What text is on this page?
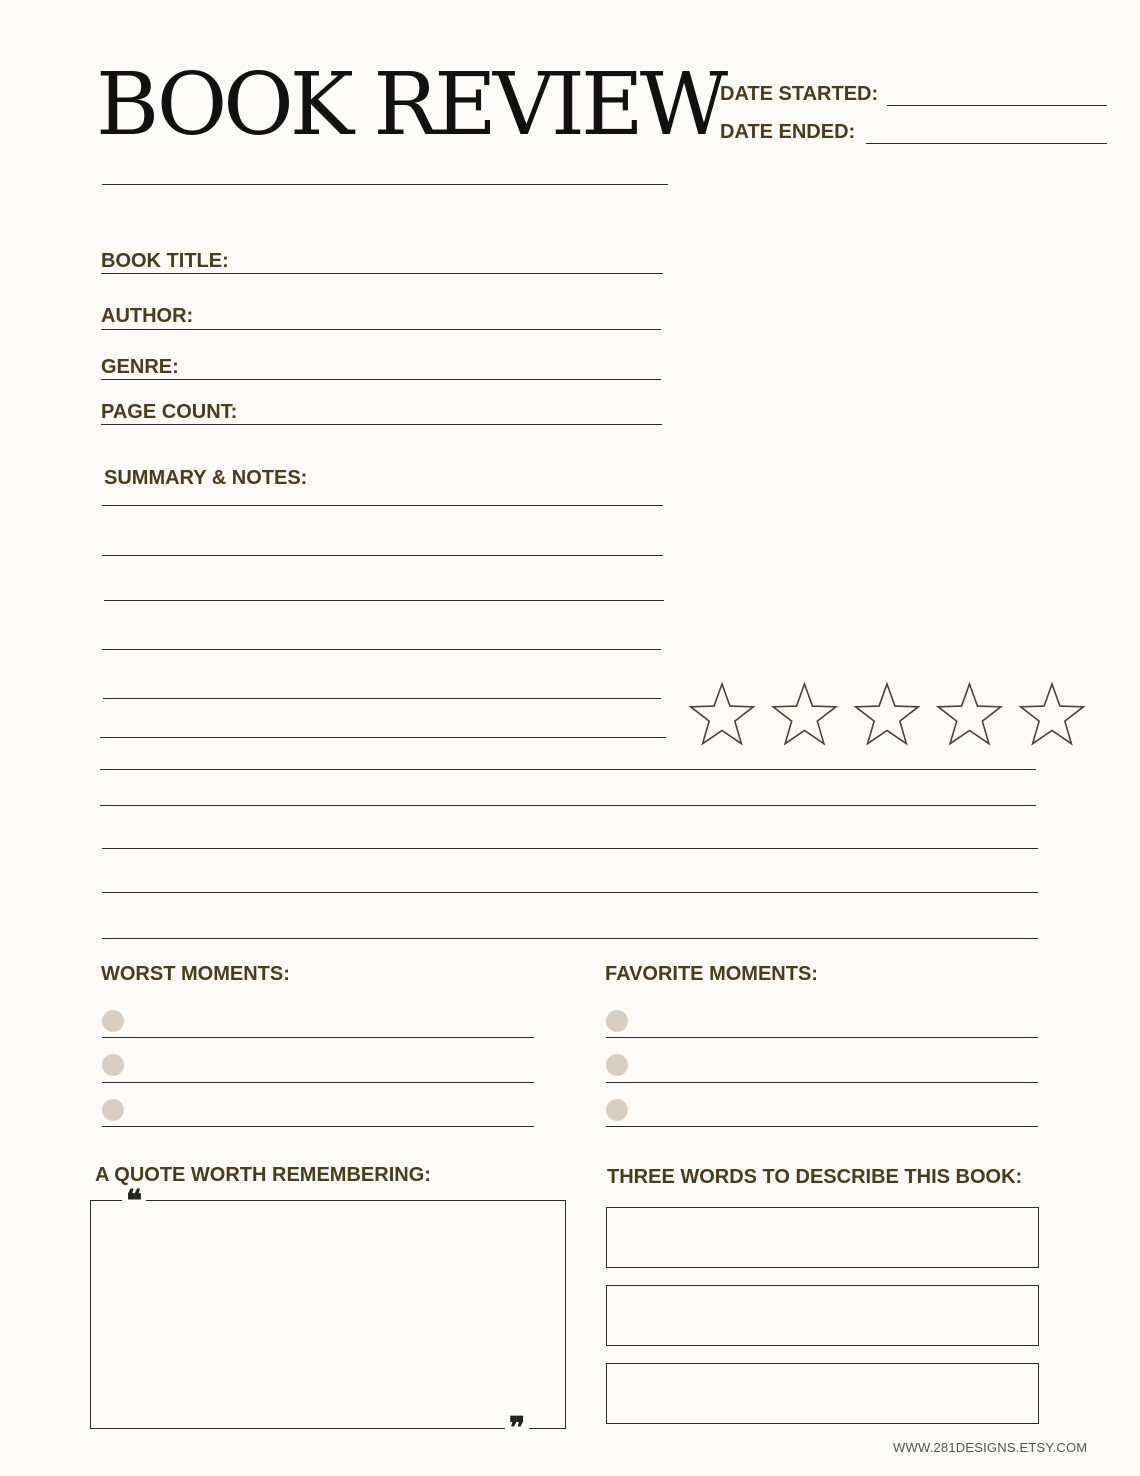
BOOK REVIEW
DATE STARTED:
DATE ENDED:
BOOK TITLE:
AUTHOR:
GENRE:
PAGE COUNT:
SUMMARY & NOTES:
WORST MOMENTS:	FAVORITE MOMENTS:
A QUOTE WORTH REMEMBERING:
❝
❞
THREE WORDS TO DESCRIBE THIS BOOK:
WWW.281DESIGNS.ETSY.COM
